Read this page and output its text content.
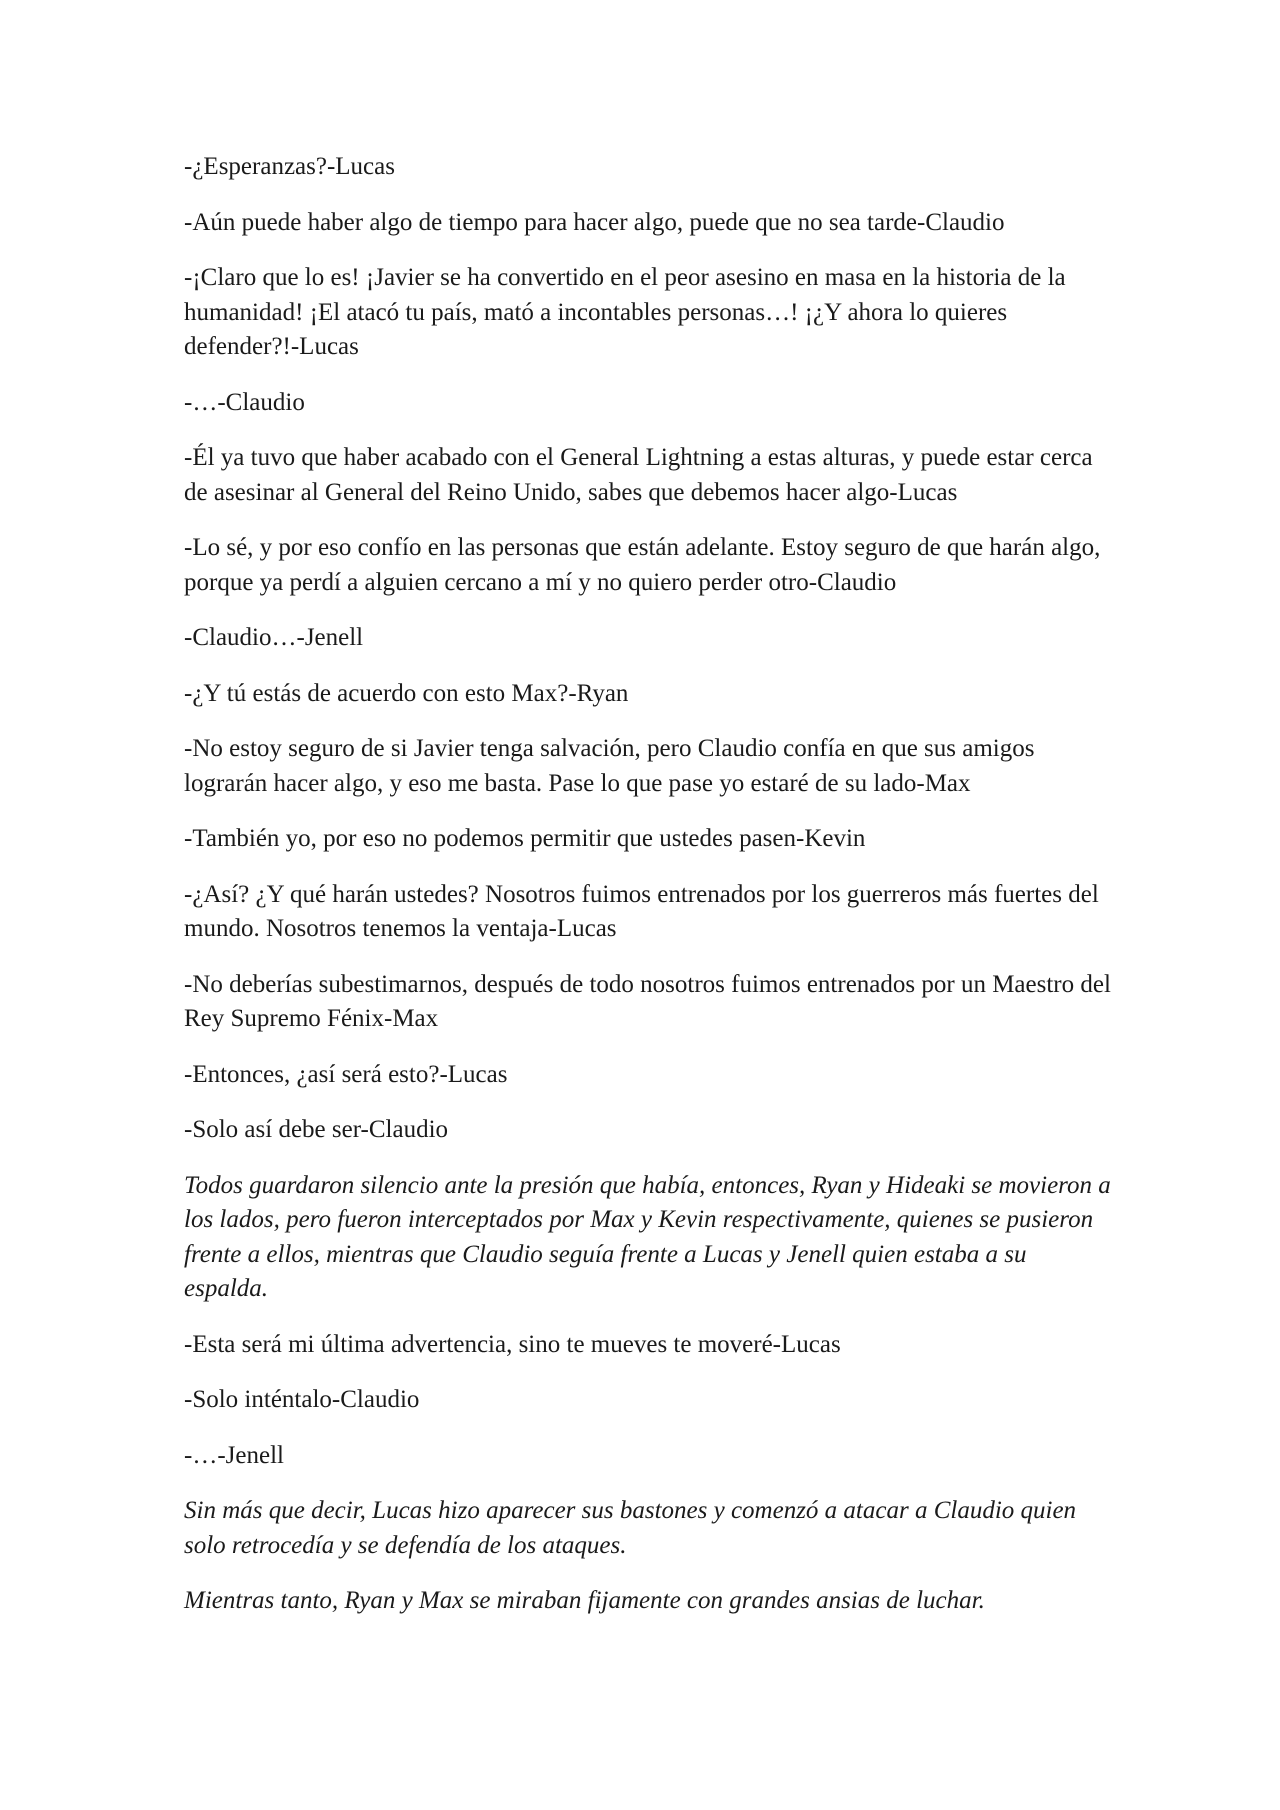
-¿Esperanzas?-Lucas

-Aún puede haber algo de tiempo para hacer algo, puede que no sea tarde-Claudio

-¡Claro que lo es! ¡Javier se ha convertido en el peor asesino en masa en la historia de la humanidad! ¡El atacó tu país, mató a incontables personas…! ¡¿Y ahora lo quieres defender?!-Lucas

-…-Claudio

-Él ya tuvo que haber acabado con el General Lightning a estas alturas, y puede estar cerca de asesinar al General del Reino Unido, sabes que debemos hacer algo-Lucas

-Lo sé, y por eso confío en las personas que están adelante. Estoy seguro de que harán algo, porque ya perdí a alguien cercano a mí y no quiero perder otro-Claudio

-Claudio…-Jenell

-¿Y tú estás de acuerdo con esto Max?-Ryan

-No estoy seguro de si Javier tenga salvación, pero Claudio confía en que sus amigos lograrán hacer algo, y eso me basta. Pase lo que pase yo estaré de su lado-Max

-También yo, por eso no podemos permitir que ustedes pasen-Kevin

-¿Así? ¿Y qué harán ustedes? Nosotros fuimos entrenados por los guerreros más fuertes del mundo. Nosotros tenemos la ventaja-Lucas

-No deberías subestimarnos, después de todo nosotros fuimos entrenados por un Maestro del Rey Supremo Fénix-Max

-Entonces, ¿así será esto?-Lucas

-Solo así debe ser-Claudio

Todos guardaron silencio ante la presión que había, entonces, Ryan y Hideaki se movieron a los lados, pero fueron interceptados por Max y Kevin respectivamente, quienes se pusieron frente a ellos, mientras que Claudio seguía frente a Lucas y Jenell quien estaba a su espalda.

-Esta será mi última advertencia, sino te mueves te moveré-Lucas

-Solo inténtalo-Claudio

-…-Jenell

Sin más que decir, Lucas hizo aparecer sus bastones y comenzó a atacar a Claudio quien solo retrocedía y se defendía de los ataques.

Mientras tanto, Ryan y Max se miraban fijamente con grandes ansias de luchar.
